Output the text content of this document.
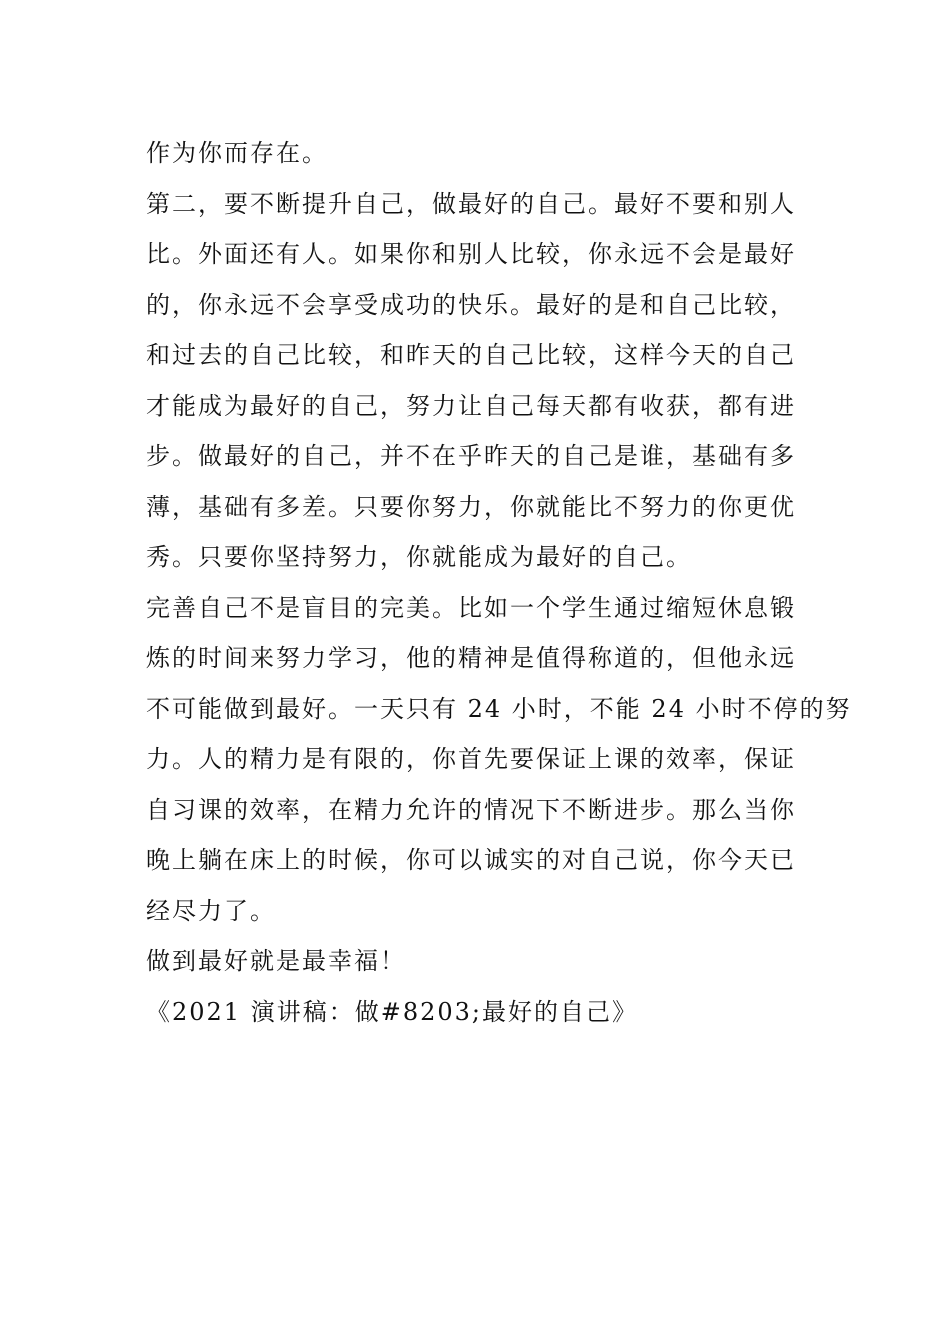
作为你而存在。
第二，要不断提升自己，做最好的自己。最好不要和别人
比。外面还有人。如果你和别人比较，你永远不会是最好
的，你永远不会享受成功的快乐。最好的是和自己比较，
和过去的自己比较，和昨天的自己比较，这样今天的自己
才能成为最好的自己，努力让自己每天都有收获，都有进
步。做最好的自己，并不在乎昨天的自己是谁，基础有多
薄，基础有多差。只要你努力，你就能比不努力的你更优
秀。只要你坚持努力，你就能成为最好的自己。
完善自己不是盲目的完美。比如一个学生通过缩短休息锻
炼的时间来努力学习，他的精神是值得称道的，但他永远
不可能做到最好。一天只有 24 小时，不能 24 小时不停的努
力。人的精力是有限的，你首先要保证上课的效率，保证
自习课的效率，在精力允许的情况下不断进步。那么当你
晚上躺在床上的时候，你可以诚实的对自己说，你今天已
经尽力了。
做到最好就是最幸福！
《2021 演讲稿：做#8203;最好的自己》
